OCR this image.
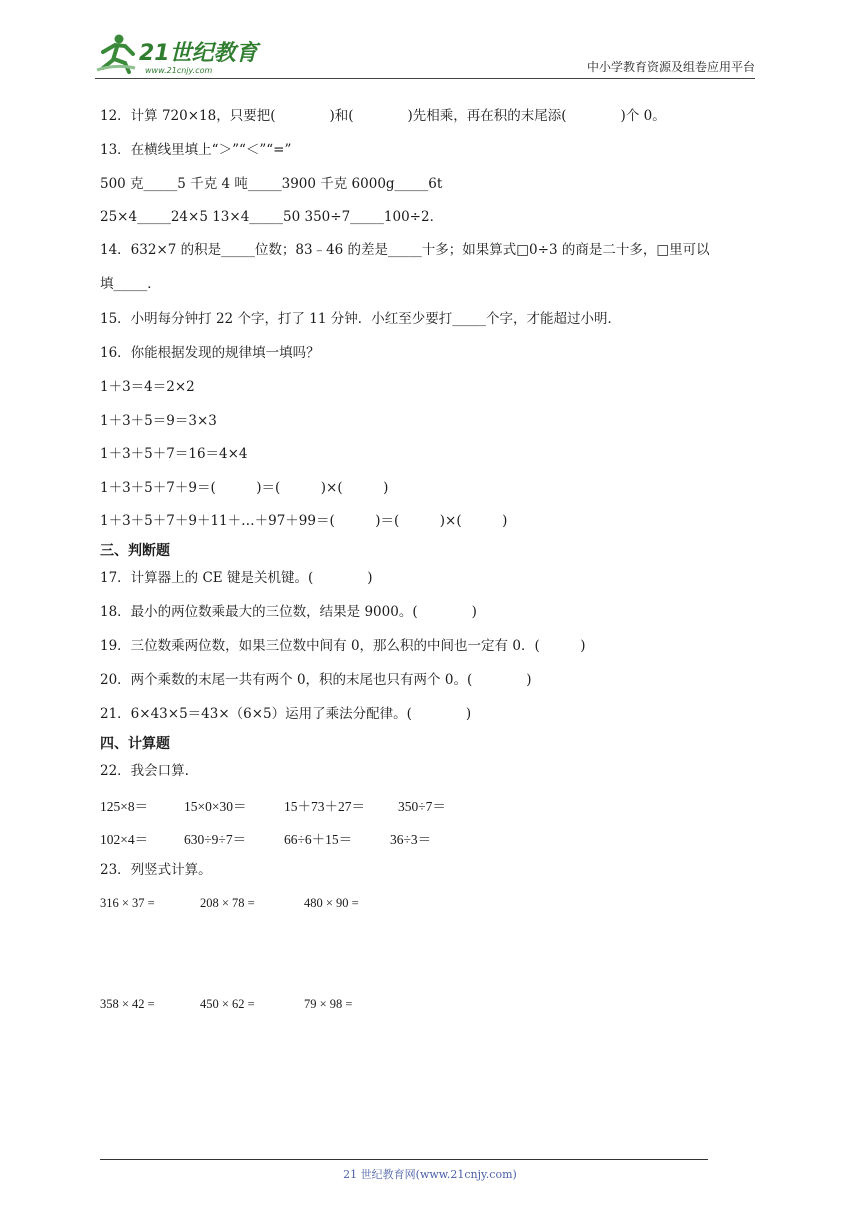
21世纪教育
www.21cnjy.com	中小学教育资源及组卷应用平台
12．计算 720×18，只要把(　　　　)和(　　　　)先相乘，再在积的末尾添(　　　　)个 0。
13．在横线里填上“＞”“＜”“=”
500 克_____5 千克 4 吨_____3900 千克 6000g_____6t
25×4_____24×5 13×4_____50 350÷7_____100÷2．
14．632×7 的积是_____位数；83﹣46 的差是_____十多；如果算式□0÷3 的商是二十多，□里可以
填_____．
15．小明每分钟打 22 个字，打了 11 分钟．小红至少要打_____个字，才能超过小明．
16．你能根据发现的规律填一填吗？
1＋3＝4＝2×2
1＋3＋5＝9＝3×3
1＋3＋5＋7＝16＝4×4
1＋3＋5＋7＋9＝(　　　)＝(　　　)×(　　　)
1＋3＋5＋7＋9＋11＋…＋97＋99＝(　　　)＝(　　　)×(　　　)
三、判断题
17．计算器上的 CE 键是关机键。(　　　　)
18．最小的两位数乘最大的三位数，结果是 9000。(　　　　)
19．三位数乘两位数，如果三位数中间有 0，那么积的中间也一定有 0．(　　　)
20．两个乘数的末尾一共有两个 0，积的末尾也只有两个 0。(　　　　)
21．6×43×5＝43×（6×5）运用了乘法分配律。(　　　　)
四、计算题
22．我会口算.
125×8＝	15×0×30＝	15＋73＋27＝ 350÷7＝
102×4＝	630÷9÷7＝	66÷6＋15＝	36÷3＝
23．列竖式计算。
316 × 37 =	208 × 78 =	480 × 90 =
358 × 42 =	450 × 62 =	79 × 98 =
21 世纪教育网(www.21cnjy.com)
